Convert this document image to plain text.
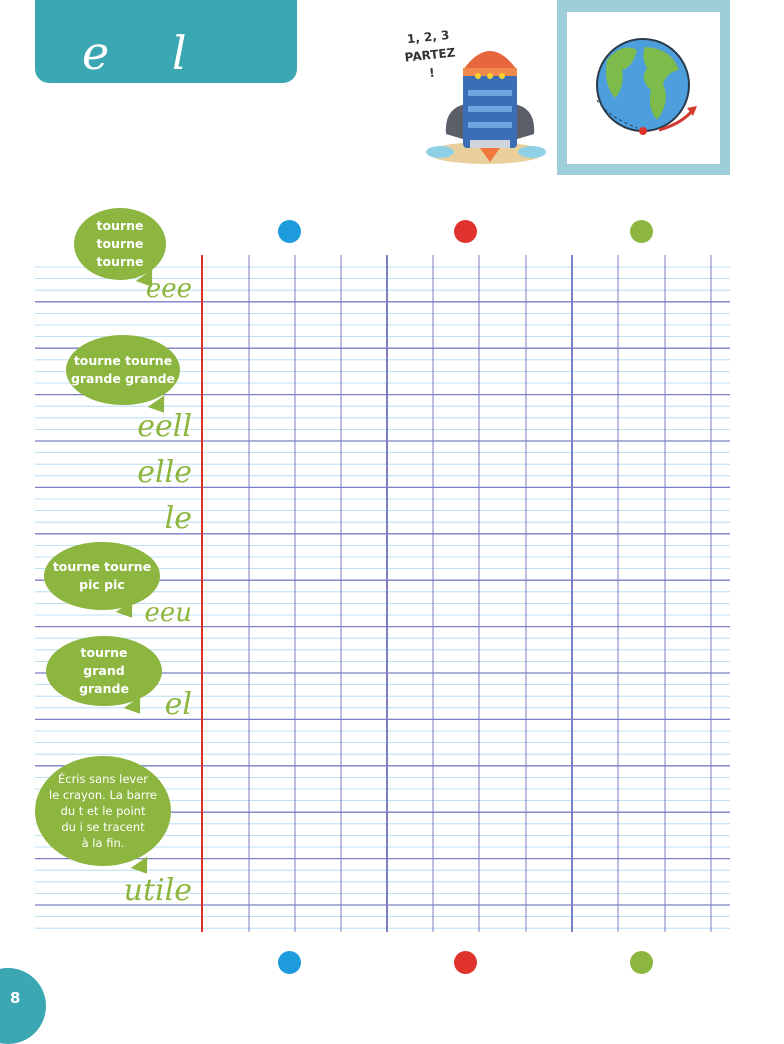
e l u i t
1, 2, 3
PARTEZ !
tourne
tourne
tourne
tourne tourne
grande grande
tourne tourne
pic pic
tourne
grand
grande
Écris sans lever
le crayon. La barre
du t et le point
du i se tracent
à la fin.
eee
eell
elle
le
eeu
el
utile
8
